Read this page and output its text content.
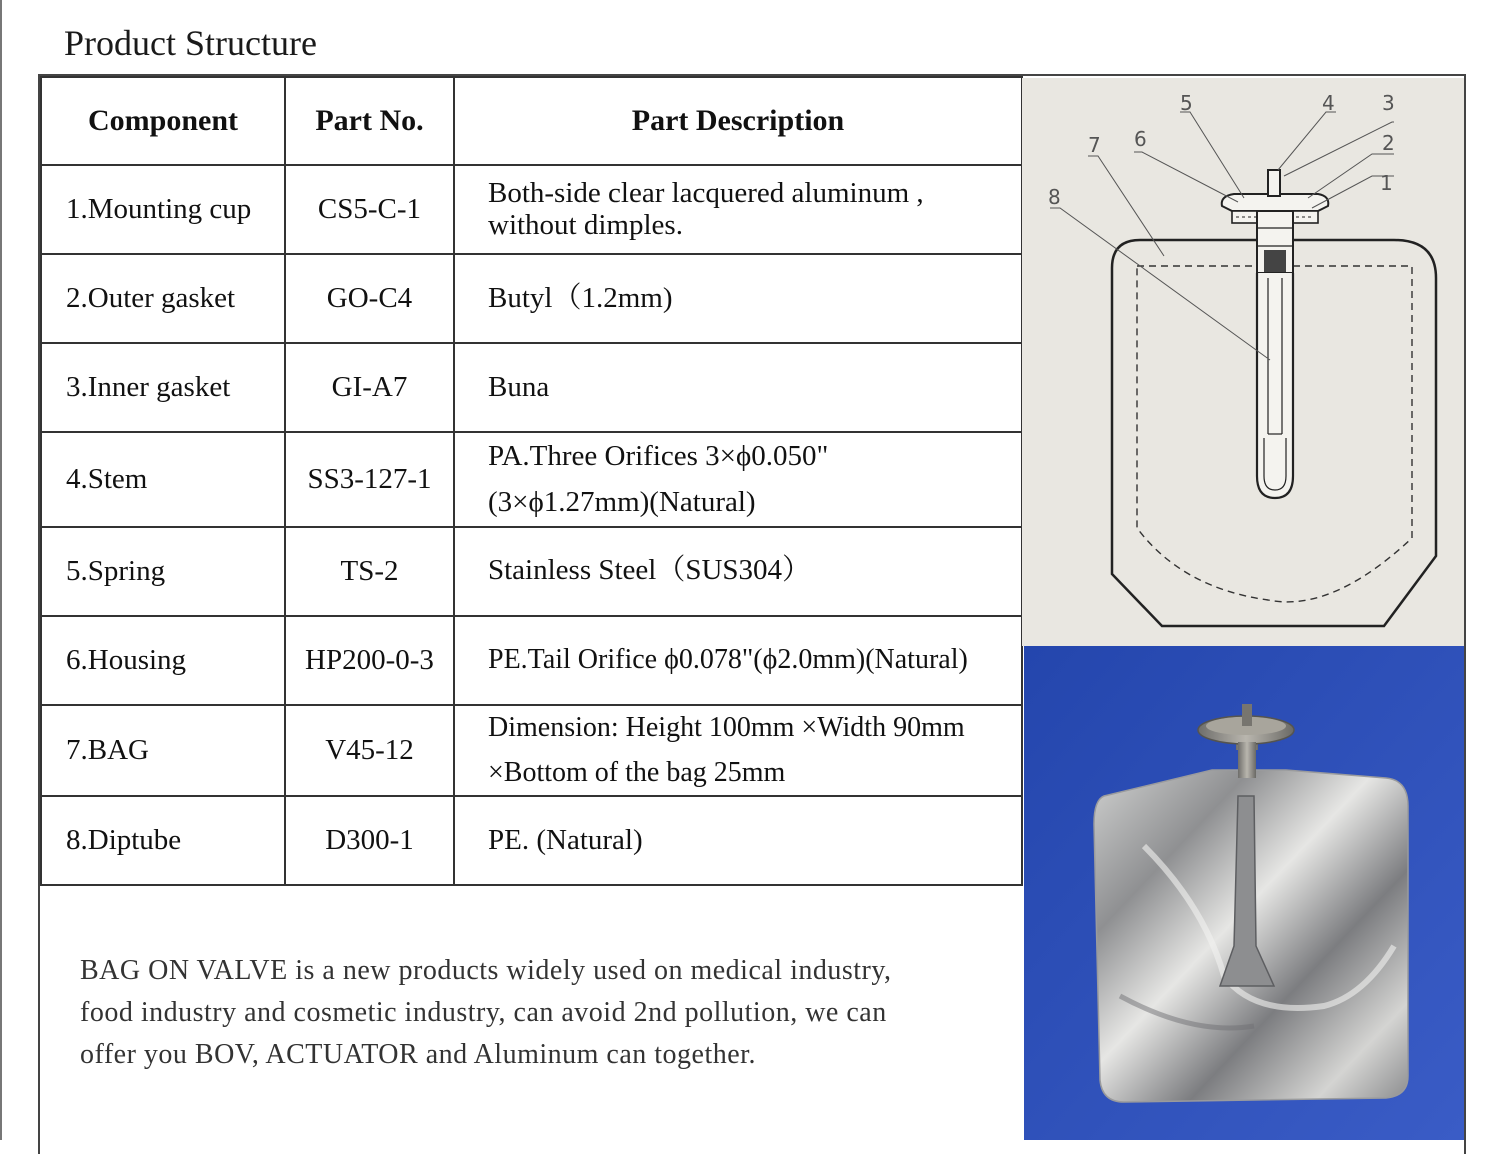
Product Structure
Component	Part No.	Part Description
1.Mounting cup	CS5-C-1	Both-side clear lacquered aluminum ,
without dimples.

2.Outer gasket	GO-C4	Butyl（1.2mm)

3.Inner gasket	GI-A7	Buna

4.Stem	SS3-127-1	PA.Three Orifices 3×ϕ0.050"
(3×ϕ1.27mm)(Natural)

5.Spring	TS-2	Stainless Steel（SUS304）

6.Housing	HP200-0-3	PE.Tail Orifice ϕ0.078"(ϕ2.0mm)(Natural)

7.BAG	V45-12	Dimension: Height 100mm ×Width 90mm
×Bottom of the bag 25mm

8.Diptube	D300-1	PE. (Natural)

BAG ON VALVE is a new products widely used on medical industry,
food industry and cosmetic industry, can avoid 2nd pollution, we can
offer you BOV, ACTUATOR and Aluminum can together.

1
2
3
4
5
6
7
8
